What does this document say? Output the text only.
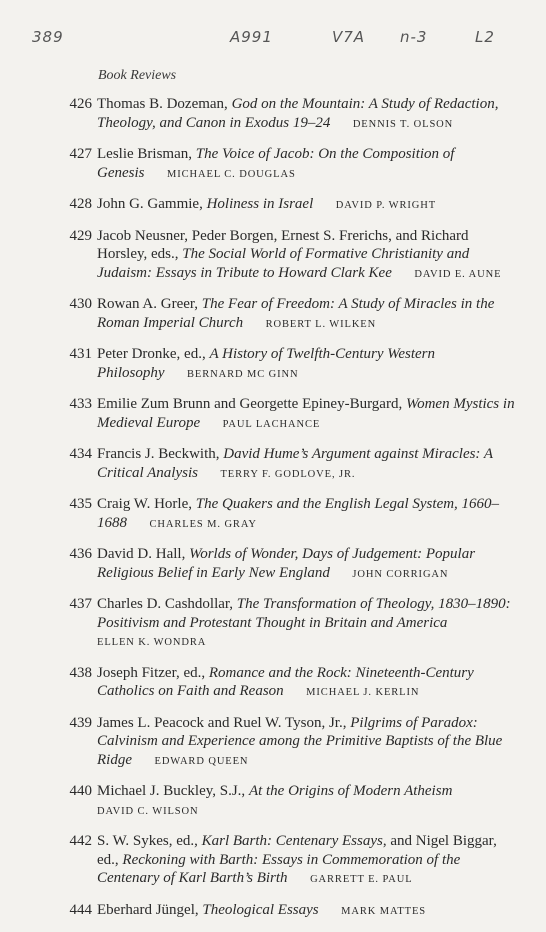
389	A991	V7A n-3	L2
Book Reviews
426 Thomas B. Dozeman, God on the Mountain: A Study of Redaction, Theology, and Canon in Exodus 19–24   DENNIS T. OLSON
427 Leslie Brisman, The Voice of Jacob: On the Composition of Genesis   MICHAEL C. DOUGLAS
428 John G. Gammie, Holiness in Israel   DAVID P. WRIGHT
429 Jacob Neusner, Peder Borgen, Ernest S. Frerichs, and Richard Horsley, eds., The Social World of Formative Christianity and Judaism: Essays in Tribute to Howard Clark Kee   DAVID E. AUNE
430 Rowan A. Greer, The Fear of Freedom: A Study of Miracles in the Roman Imperial Church   ROBERT L. WILKEN
431 Peter Dronke, ed., A History of Twelfth-Century Western Philosophy   BERNARD MC GINN
433 Emilie Zum Brunn and Georgette Epiney-Burgard, Women Mystics in Medieval Europe   PAUL LACHANCE
434 Francis J. Beckwith, David Hume’s Argument against Miracles: A Critical Analysis   TERRY F. GODLOVE, JR.
435 Craig W. Horle, The Quakers and the English Legal System, 1660–1688   CHARLES M. GRAY
436 David D. Hall, Worlds of Wonder, Days of Judgement: Popular Religious Belief in Early New England   JOHN CORRIGAN
437 Charles D. Cashdollar, The Transformation of Theology, 1830–1890: Positivism and Protestant Thought in Britain and America  ELLEN K. WONDRA
438 Joseph Fitzer, ed., Romance and the Rock: Nineteenth-Century Catholics on Faith and Reason   MICHAEL J. KERLIN
439 James L. Peacock and Ruel W. Tyson, Jr., Pilgrims of Paradox: Calvinism and Experience among the Primitive Baptists of the Blue Ridge   EDWARD QUEEN
440 Michael J. Buckley, S.J., At the Origins of Modern Atheism  DAVID C. WILSON
442 S. W. Sykes, ed., Karl Barth: Centenary Essays, and Nigel Biggar, ed., Reckoning with Barth: Essays in Commemoration of the Centenary of Karl Barth’s Birth   GARRETT E. PAUL
444 Eberhard Jüngel, Theological Essays   MARK MATTES
